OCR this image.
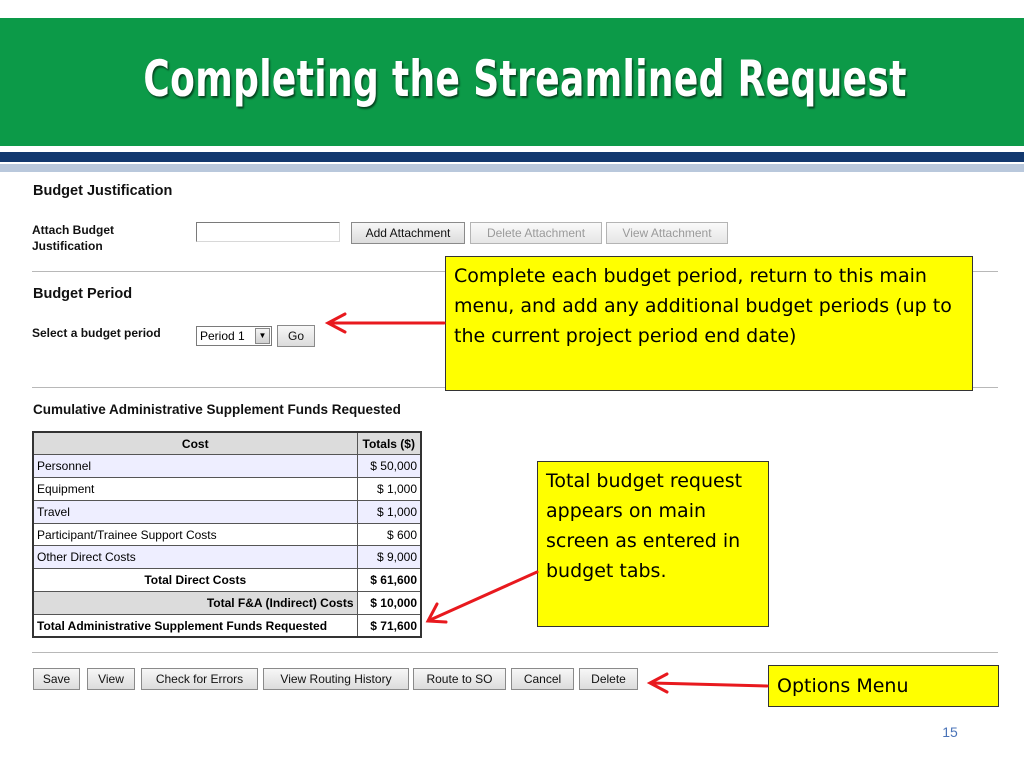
Completing the Streamlined Request
Budget Justification
Attach Budget Justification
Add Attachment	Delete Attachment	View Attachment
Budget Period
Select a budget period	Period 1	▼	Go
Cumulative Administrative Supplement Funds Requested
Cost	Totals ($)
Personnel	$ 50,000
Equipment	$ 1,000
Travel	$ 1,000
Participant/Trainee Support Costs	$ 600
Other Direct Costs	$ 9,000
Total Direct Costs	$ 61,600
Total F&A (Indirect) Costs	$ 10,000
Total Administrative Supplement Funds Requested	$ 71,600
Save	View	Check for Errors	View Routing History	Route to SO	Cancel	Delete
Complete each budget period, return to this main menu, and add any additional budget periods (up to the current project period end date)
Total budget request appears on main screen as entered in budget tabs.
Options Menu
15
